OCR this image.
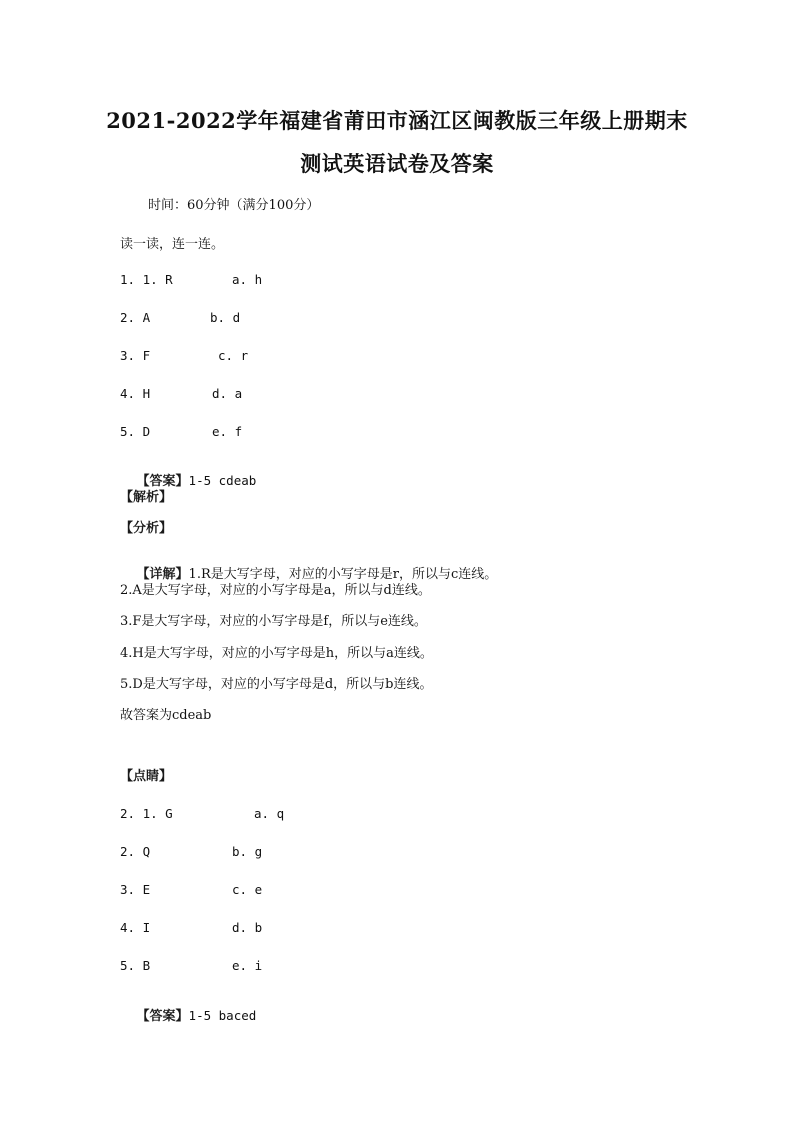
2021-2022学年福建省莆田市涵江区闽教版三年级上册期末
测试英语试卷及答案
时间：60分钟（满分100分）
读一读，连一连。
1. 1. R	a. h
2. A	b. d
3. F	c. r
4. H	d. a
5. D	e. f

【答案】1-5 cdeab

【解析】
【分析】

【详解】1.R是大写字母，对应的小写字母是r，所以与c连线。

2.A是大写字母，对应的小写字母是a，所以与d连线。
3.F是大写字母，对应的小写字母是f，所以与e连线。
4.H是大写字母，对应的小写字母是h，所以与a连线。
5.D是大写字母，对应的小写字母是d，所以与b连线。
故答案为cdeab
【点睛】
2. 1. G	a. q
2. Q	b. g
3. E	c. e
4. I	d. b
5. B	e. i

【答案】1-5 baced
